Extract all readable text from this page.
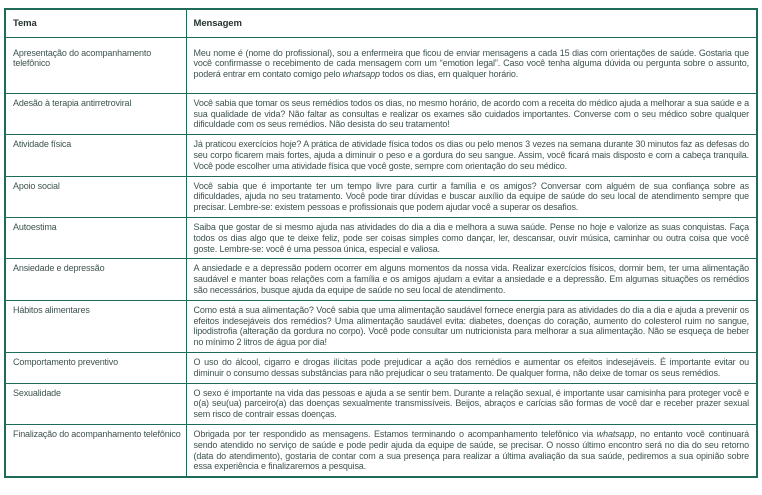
Tema	Mensagem
Apresentação do acompanhamento telefônico	Meu nome é (nome do profissional), sou a enfermeira que ficou de enviar mensagens a cada 15 dias com orientações de saúde. Gostaria que você confirmasse o recebimento de cada mensagem com um “emotion legal”. Caso você tenha alguma dúvida ou pergunta sobre o assunto, poderá entrar em contato comigo pelo whatsapp todos os dias, em qualquer horário.
Adesão à terapia antirretroviral	Você sabia que tomar os seus remédios todos os dias, no mesmo horário, de acordo com a receita do médico ajuda a melhorar a sua saúde e a sua qualidade de vida? Não faltar as consultas e realizar os exames são cuidados importantes. Converse com o seu médico sobre qualquer dificuldade com os seus remédios. Não desista do seu tratamento!
Atividade física	Já praticou exercícios hoje? A prática de atividade física todos os dias ou pelo menos 3 vezes na semana durante 30 minutos faz as defesas do seu corpo ficarem mais fortes, ajuda a diminuir o peso e a gordura do seu sangue. Assim, você ficará mais disposto e com a cabeça tranquila. Você pode escolher uma atividade física que você goste, sempre com orientação do seu médico.
Apoio social	Você sabia que é importante ter um tempo livre para curtir a família e os amigos? Conversar com alguém de sua confiança sobre as dificuldades, ajuda no seu tratamento. Você pode tirar dúvidas e buscar auxílio da equipe de saúde do seu local de atendimento sempre que precisar. Lembre-se: existem pessoas e profissionais que podem ajudar você a superar os desafios.
Autoestima	Saiba que gostar de si mesmo ajuda nas atividades do dia a dia e melhora a suwa saúde. Pense no hoje e valorize as suas conquistas. Faça todos os dias algo que te deixe feliz, pode ser coisas simples como dançar, ler, descansar, ouvir música, caminhar ou outra coisa que você goste. Lembre-se: você é uma pessoa única, especial e valiosa.
Ansiedade e depressão	A ansiedade e a depressão podem ocorrer em alguns momentos da nossa vida. Realizar exercícios físicos, dormir bem, ter uma alimentação saudável e manter boas relações com a família e os amigos ajudam a evitar a ansiedade e a depressão. Em algumas situações os remédios são necessários, busque ajuda da equipe de saúde no seu local de atendimento.
Hábitos alimentares	Como está a sua alimentação? Você sabia que uma alimentação saudável fornece energia para as atividades do dia a dia e ajuda a prevenir os efeitos indesejáveis dos remédios? Uma alimentação saudável evita: diabetes, doenças do coração, aumento do colesterol ruim no sangue, lipodistrofia (alteração da gordura no corpo). Você pode consultar um nutricionista para melhorar a sua alimentação. Não se esqueça de beber no mínimo 2 litros de água por dia!
Comportamento preventivo	O uso do álcool, cigarro e drogas ilícitas pode prejudicar a ação dos remédios e aumentar os efeitos indesejáveis. É importante evitar ou diminuir o consumo dessas substâncias para não prejudicar o seu tratamento. De qualquer forma, não deixe de tomar os seus remédios.
Sexualidade	O sexo é importante na vida das pessoas e ajuda a se sentir bem. Durante a relação sexual, é importante usar camisinha para proteger você e o(a) seu(ua) parceiro(a) das doenças sexualmente transmissíveis. Beijos, abraços e carícias são formas de você dar e receber prazer sexual sem risco de contrair essas doenças.
Finalização do acompanhamento telefônico	Obrigada por ter respondido as mensagens. Estamos terminando o acompanhamento telefônico via whatsapp, no entanto você continuará sendo atendido no serviço de saúde e pode pedir ajuda da equipe de saúde, se precisar. O nosso último encontro será no dia do seu retorno (data do atendimento), gostaria de contar com a sua presença para realizar a última avaliação da sua saúde, pediremos a sua opinião sobre essa experiência e finalizaremos a pesquisa.
